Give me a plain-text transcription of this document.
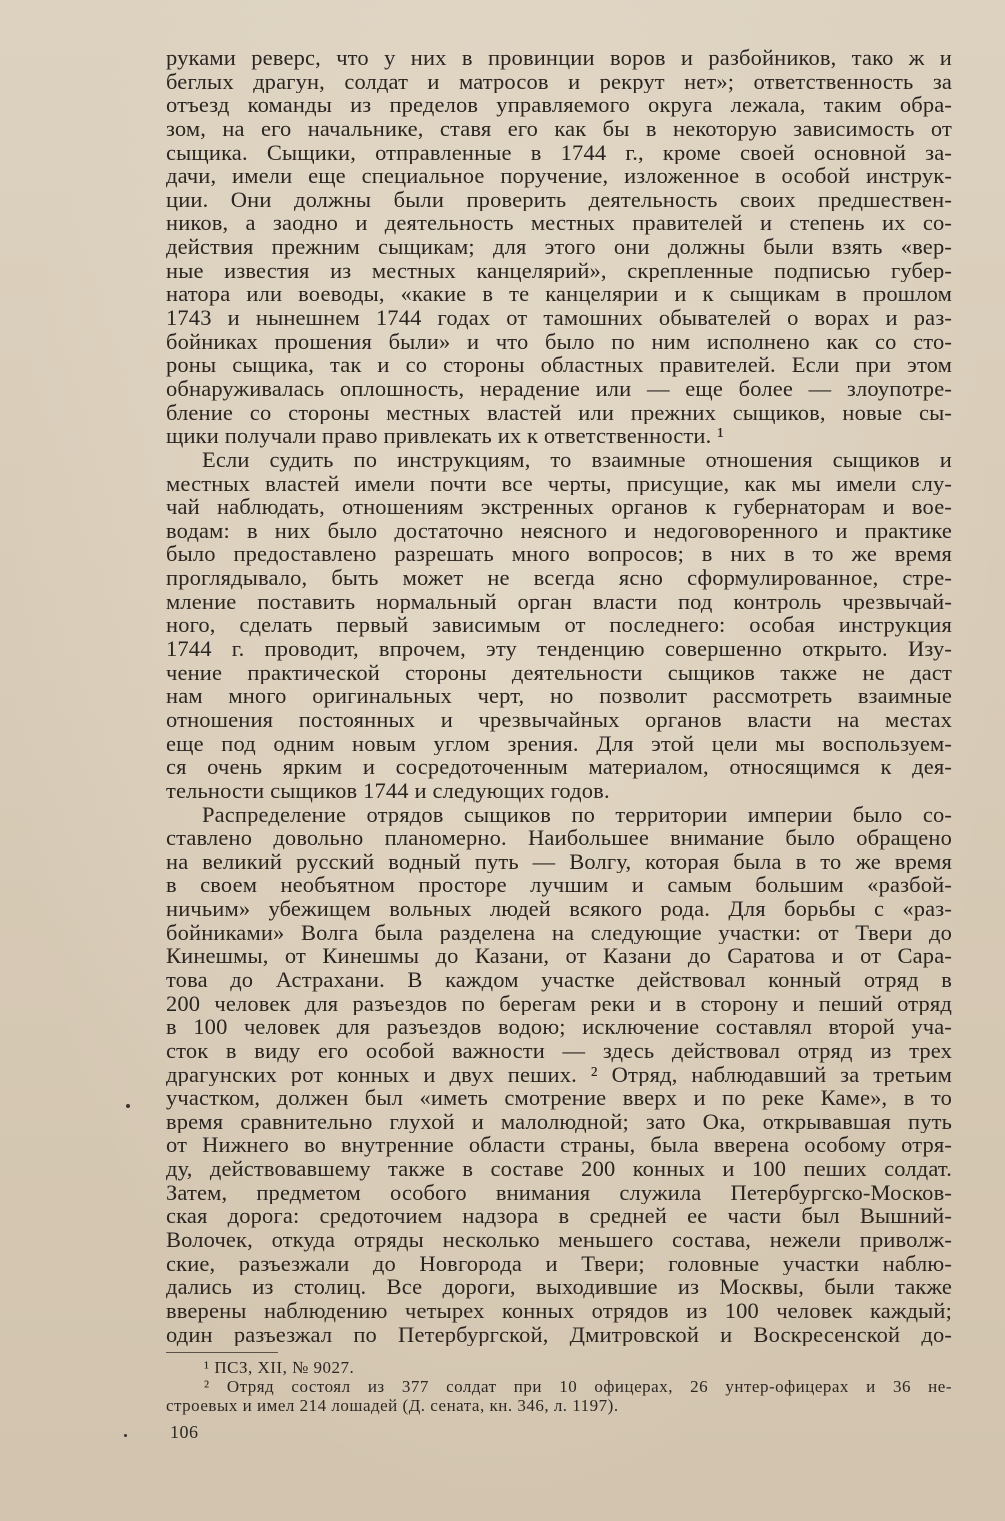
руками реверс, что у них в провинции воров и разбойников, тако ж и
беглых драгун, солдат и матросов и рекрут нет»; ответственность за
отъезд команды из пределов управляемого округа лежала, таким обра-
зом, на его начальнике, ставя его как бы в некоторую зависимость от
сыщика. Сыщики, отправленные в 1744 г., кроме своей основной за-
дачи, имели еще специальное поручение, изложенное в особой инструк-
ции. Они должны были проверить деятельность своих предшествен-
ников, а заодно и деятельность местных правителей и степень их со-
действия прежним сыщикам; для этого они должны были взять «вер-
ные известия из местных канцелярий», скрепленные подписью губер-
натора или воеводы, «какие в те канцелярии и к сыщикам в прошлом
1743 и нынешнем 1744 годах от тамошних обывателей о ворах и раз-
бойниках прошения были» и что было по ним исполнено как со сто-
роны сыщика, так и со стороны областных правителей. Если при этом
обнаруживалась оплошность, нерадение или — еще более — злоупотре-
бление со стороны местных властей или прежних сыщиков, новые сы-
щики получали право привлекать их к ответственности. ¹
Если судить по инструкциям, то взаимные отношения сыщиков и
местных властей имели почти все черты, присущие, как мы имели слу-
чай наблюдать, отношениям экстренных органов к губернаторам и вое-
водам: в них было достаточно неясного и недоговоренного и практике
было предоставлено разрешать много вопросов; в них в то же время
проглядывало, быть может не всегда ясно сформулированное, стре-
мление поставить нормальный орган власти под контроль чрезвычай-
ного, сделать первый зависимым от последнего: особая инструкция
1744 г. проводит, впрочем, эту тенденцию совершенно открыто. Изу-
чение практической стороны деятельности сыщиков также не даст
нам много оригинальных черт, но позволит рассмотреть взаимные
отношения постоянных и чрезвычайных органов власти на местах
еще под одним новым углом зрения. Для этой цели мы воспользуем-
ся очень ярким и сосредоточенным материалом, относящимся к дея-
тельности сыщиков 1744 и следующих годов.
Распределение отрядов сыщиков по территории империи было со-
ставлено довольно планомерно. Наибольшее внимание было обращено
на великий русский водный путь — Волгу, которая была в то же время
в своем необъятном просторе лучшим и самым большим «разбой-
ничьим» убежищем вольных людей всякого рода. Для борьбы с «раз-
бойниками» Волга была разделена на следующие участки: от Твери до
Кинешмы, от Кинешмы до Казани, от Казани до Саратова и от Сара-
това до Астрахани. В каждом участке действовал конный отряд в
200 человек для разъездов по берегам реки и в сторону и пеший отряд
в 100 человек для разъездов водою; исключение составлял второй уча-
сток в виду его особой важности — здесь действовал отряд из трех
драгунских рот конных и двух пеших. ² Отряд, наблюдавший за третьим
участком, должен был «иметь смотрение вверх и по реке Каме», в то
время сравнительно глухой и малолюдной; зато Ока, открывавшая путь
от Нижнего во внутренние области страны, была вверена особому отря-
ду, действовавшему также в составе 200 конных и 100 пеших солдат.
Затем, предметом особого внимания служила Петербургско-Москов-
ская дорога: средоточием надзора в средней ее части был Вышний-
Волочек, откуда отряды несколько меньшего состава, нежели приволж-
ские, разъезжали до Новгорода и Твери; головные участки наблю-
дались из столиц. Все дороги, выходившие из Москвы, были также
вверены наблюдению четырех конных отрядов из 100 человек каждый;
один разъезжал по Петербургской, Дмитровской и Воскресенской до-
¹ ПСЗ, XII, № 9027.
² Отряд состоял из 377 солдат при 10 офицерах, 26 унтер-офицерах и 36 не-
строевых и имел 214 лошадей (Д. сената, кн. 346, л. 1197).
106
